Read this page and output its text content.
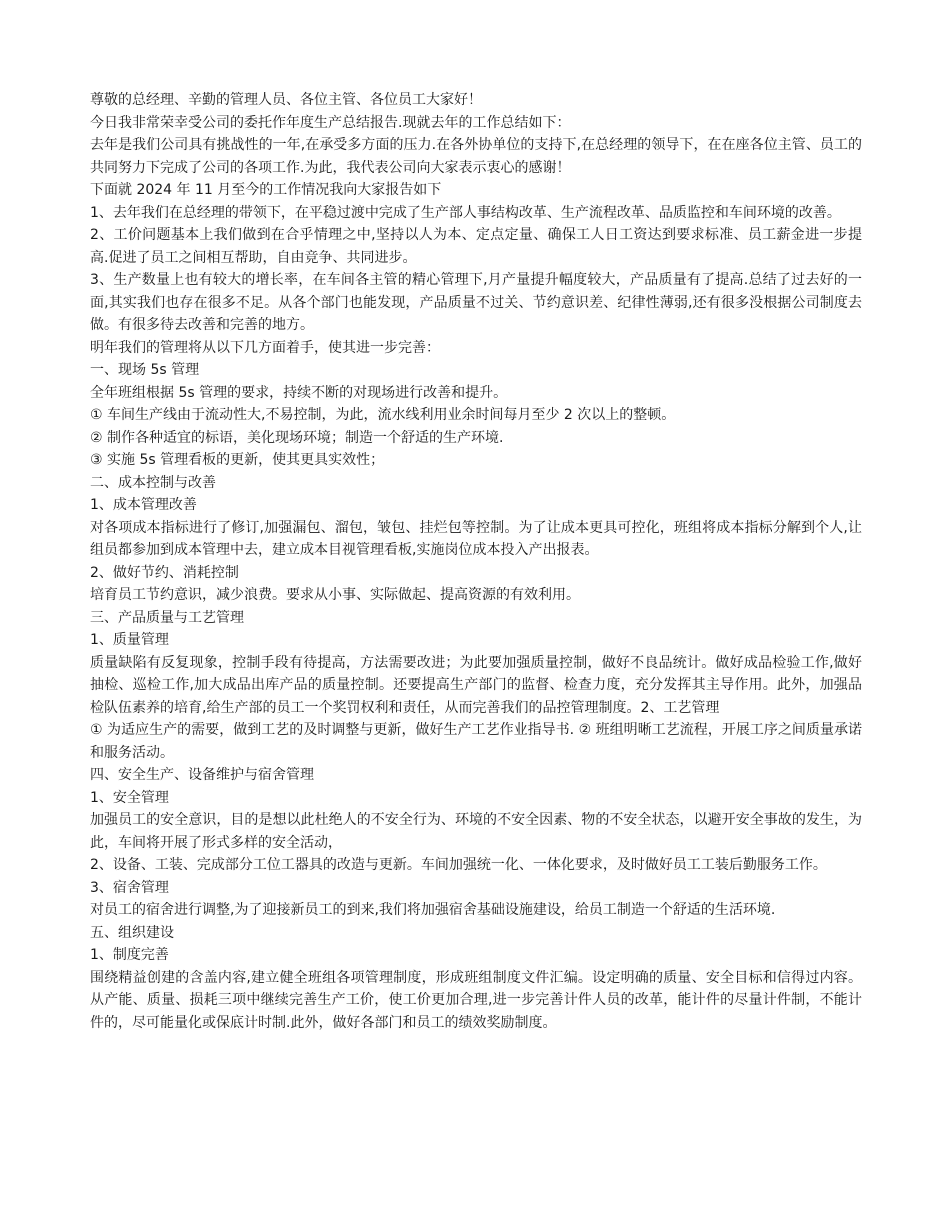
尊敬的总经理、辛勤的管理人员、各位主管、各位员工大家好！

今日我非常荣幸受公司的委托作年度生产总结报告.现就去年的工作总结如下：

去年是我们公司具有挑战性的一年,在承受多方面的压力.在各外协单位的支持下,在总经理的领导下，在在座各位主管、员工的共同努力下完成了公司的各项工作.为此，我代表公司向大家表示衷心的感谢！

下面就 2024 年 11 月至今的工作情况我向大家报告如下

1、去年我们在总经理的带领下，在平稳过渡中完成了生产部人事结构改革、生产流程改革、品质监控和车间环境的改善。

2、工价问题基本上我们做到在合乎情理之中,坚持以人为本、定点定量、确保工人日工资达到要求标准、员工薪金进一步提高.促进了员工之间相互帮助，自由竞争、共同进步。

3、生产数量上也有较大的增长率，在车间各主管的精心管理下,月产量提升幅度较大，产品质量有了提高.总结了过去好的一面,其实我们也存在很多不足。从各个部门也能发现，产品质量不过关、节约意识差、纪律性薄弱,还有很多没根据公司制度去做。有很多待去改善和完善的地方。

明年我们的管理将从以下几方面着手，使其进一步完善：

一、现场 5s 管理

全年班组根据 5s 管理的要求，持续不断的对现场进行改善和提升。

① 车间生产线由于流动性大,不易控制，为此，流水线利用业余时间每月至少 2 次以上的整顿。

② 制作各种适宜的标语，美化现场环境；制造一个舒适的生产环境.

③ 实施 5s 管理看板的更新，使其更具实效性；

二、成本控制与改善

1、成本管理改善

对各项成本指标进行了修订,加强漏包、溜包，皱包、挂烂包等控制。为了让成本更具可控化，班组将成本指标分解到个人,让组员都参加到成本管理中去，建立成本目视管理看板,实施岗位成本投入产出报表。

2、做好节约、消耗控制

培育员工节约意识，减少浪费。要求从小事、实际做起、提高资源的有效利用。

三、产品质量与工艺管理

1、质量管理

质量缺陷有反复现象，控制手段有待提高，方法需要改进；为此要加强质量控制，做好不良品统计。做好成品检验工作,做好抽检、巡检工作,加大成品出库产品的质量控制。还要提高生产部门的监督、检查力度，充分发挥其主导作用。此外，加强品检队伍素养的培育,给生产部的员工一个奖罚权利和责任，从而完善我们的品控管理制度。2、工艺管理

① 为适应生产的需要，做到工艺的及时调整与更新，做好生产工艺作业指导书. ② 班组明晰工艺流程，开展工序之间质量承诺和服务活动。

四、安全生产、设备维护与宿舍管理

1、安全管理

加强员工的安全意识，目的是想以此杜绝人的不安全行为、环境的不安全因素、物的不安全状态，以避开安全事故的发生，为此，车间将开展了形式多样的安全活动，

2、设备、工装、完成部分工位工器具的改造与更新。车间加强统一化、一体化要求，及时做好员工工装后勤服务工作。

3、宿舍管理

对员工的宿舍进行调整,为了迎接新员工的到来,我们将加强宿舍基础设施建设，给员工制造一个舒适的生活环境.

五、组织建设

1、制度完善

围绕精益创建的含盖内容,建立健全班组各项管理制度，形成班组制度文件汇编。设定明确的质量、安全目标和信得过内容。从产能、质量、损耗三项中继续完善生产工价，使工价更加合理,进一步完善计件人员的改革，能计件的尽量计件制，不能计件的，尽可能量化或保底计时制.此外，做好各部门和员工的绩效奖励制度。
